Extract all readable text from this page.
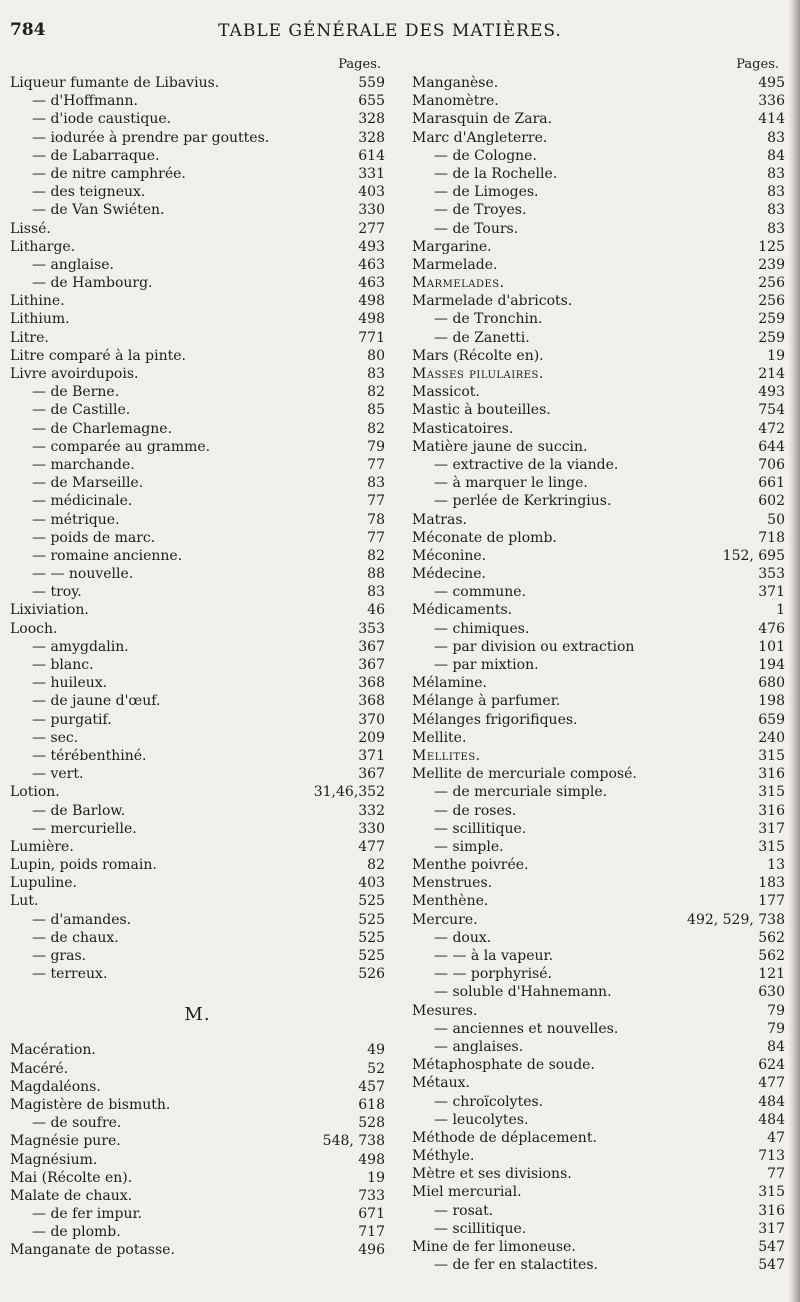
784	TABLE GÉNÉRALE DES MATIÈRES.
Pages.
Liqueur fumante de Libavius.	559
— d'Hoffmann.	655
— d'iode caustique.	328
— iodurée à prendre par gouttes.	328
— de Labarraque.	614
— de nitre camphrée.	331
— des teigneux.	403
— de Van Swiéten.	330
Lissé.	277
Litharge.	493
— anglaise.	463
— de Hambourg.	463
Lithine.	498
Lithium.	498
Litre.	771
Litre comparé à la pinte.	80
Livre avoirdupois.	83
— de Berne.	82
— de Castille.	85
— de Charlemagne.	82
— comparée au gramme.	79
— marchande.	77
— de Marseille.	83
— médicinale.	77
— métrique.	78
— poids de marc.	77
— romaine ancienne.	82
— — nouvelle.	88
— troy.	83
Lixiviation.	46
Looch.	353
— amygdalin.	367
— blanc.	367
— huileux.	368
— de jaune d'œuf.	368
— purgatif.	370
— sec.	209
— térébenthiné.	371
— vert.	367
Lotion.	31,46,352
— de Barlow.	332
— mercurielle.	330
Lumière.	477
Lupin, poids romain.	82
Lupuline.	403
Lut.	525
— d'amandes.	525
— de chaux.	525
— gras.	525
— terreux.	526
M.
Macération.	49
Macéré.	52
Magdaléons.	457
Magistère de bismuth.	618
— de soufre.	528
Magnésie pure.	548, 738
Magnésium.	498
Mai (Récolte en).	19
Malate de chaux.	733
— de fer impur.	671
— de plomb.	717
Manganate de potasse.	496
Pages.
Manganèse.	495
Manomètre.	336
Marasquin de Zara.	414
Marc d'Angleterre.	83
— de Cologne.	84
— de la Rochelle.	83
— de Limoges.	83
— de Troyes.	83
— de Tours.	83
Margarine.	125
Marmelade.	239
Marmelades.	256
Marmelade d'abricots.	256
— de Tronchin.	259
— de Zanetti.	259
Mars (Récolte en).	19
Masses pilulaires.	214
Massicot.	493
Mastic à bouteilles.	754
Masticatoires.	472
Matière jaune de succin.	644
— extractive de la viande.	706
— à marquer le linge.	661
— perlée de Kerkringius.	602
Matras.	50
Méconate de plomb.	718
Méconine.	152, 695
Médecine.	353
— commune.	371
Médicaments.	1
— chimiques.	476
— par division ou extraction	101
— par mixtion.	194
Mélamine.	680
Mélange à parfumer.	198
Mélanges frigorifiques.	659
Mellite.	240
Mellites.	315
Mellite de mercuriale composé.	316
— de mercuriale simple.	315
— de roses.	316
— scillitique.	317
— simple.	315
Menthe poivrée.	13
Menstrues.	183
Menthène.	177
Mercure.	492, 529, 738
— doux.	562
— — à la vapeur.	562
— — porphyrisé.	121
— soluble d'Hahnemann.	630
Mesures.	79
— anciennes et nouvelles.	79
— anglaises.	84
Métaphosphate de soude.	624
Métaux.	477
— chroïcolytes.	484
— leucolytes.	484
Méthode de déplacement.	47
Méthyle.	713
Mètre et ses divisions.	77
Miel mercurial.	315
— rosat.	316
— scillitique.	317
Mine de fer limoneuse.	547
— de fer en stalactites.	547
